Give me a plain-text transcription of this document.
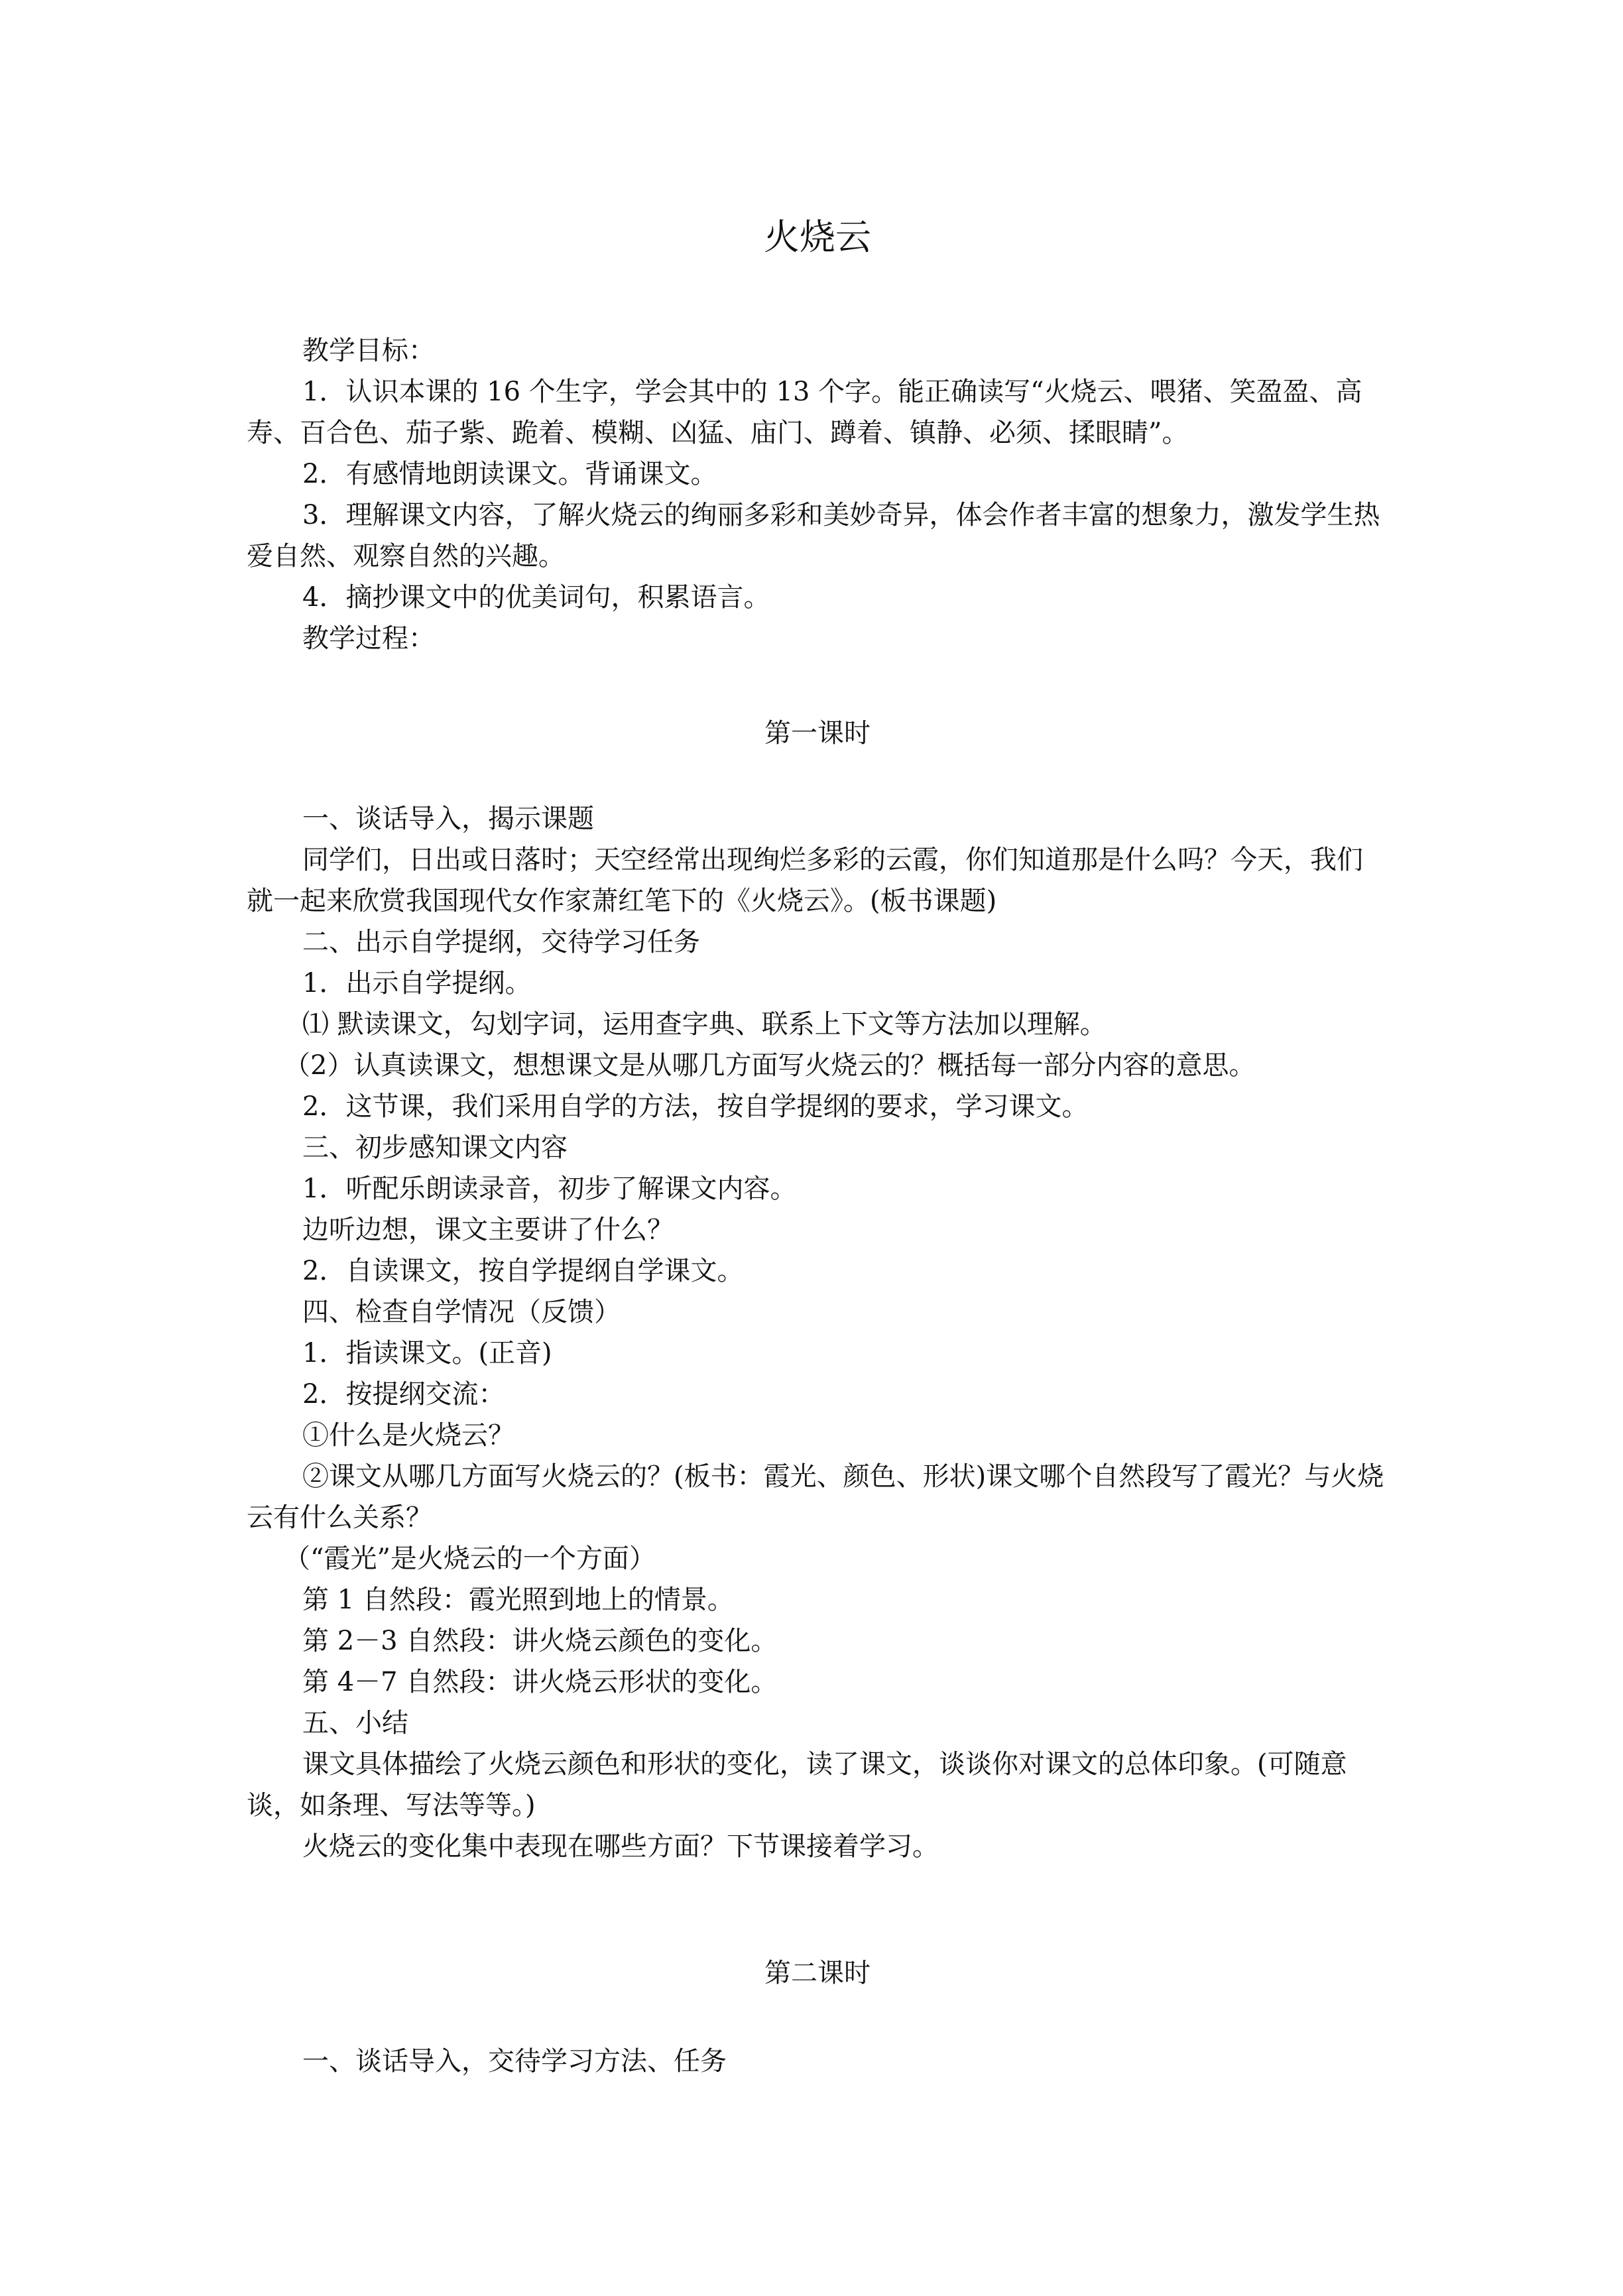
火烧云

教学目标：

1．认识本课的 16 个生字，学会其中的 13 个字。能正确读写“火烧云、喂猪、笑盈盈、高寿、百合色、茄子紫、跪着、模糊、凶猛、庙门、蹲着、镇静、必须、揉眼睛”。

2．有感情地朗读课文。背诵课文。

3．理解课文内容，了解火烧云的绚丽多彩和美妙奇异，体会作者丰富的想象力，激发学生热爱自然、观察自然的兴趣。

4．摘抄课文中的优美词句，积累语言。

教学过程：

第一课时

一、谈话导入，揭示课题

同学们，日出或日落时；天空经常出现绚烂多彩的云霞，你们知道那是什么吗？今天，我们就一起来欣赏我国现代女作家萧红笔下的《火烧云》。(板书课题)

二、出示自学提纲，交待学习任务

1．出示自学提纲。

⑴ 默读课文，勾划字词，运用查字典、联系上下文等方法加以理解。

（2）认真读课文，想想课文是从哪几方面写火烧云的？概括每一部分内容的意思。

2．这节课，我们采用自学的方法，按自学提纲的要求，学习课文。

三、初步感知课文内容

1．听配乐朗读录音，初步了解课文内容。

边听边想，课文主要讲了什么？

2．自读课文，按自学提纲自学课文。

四、检查自学情况（反馈）

1．指读课文。(正音)

2．按提纲交流：

①什么是火烧云？

②课文从哪几方面写火烧云的？(板书：霞光、颜色、形状)课文哪个自然段写了霞光？与火烧云有什么关系？

（“霞光”是火烧云的一个方面）

第 1 自然段：霞光照到地上的情景。

第 2－3 自然段：讲火烧云颜色的变化。

第 4－7 自然段：讲火烧云形状的变化。

五、小结

课文具体描绘了火烧云颜色和形状的变化，读了课文，谈谈你对课文的总体印象。(可随意谈，如条理、写法等等。)

火烧云的变化集中表现在哪些方面？下节课接着学习。

第二课时

一、谈话导入，交待学习方法、任务
